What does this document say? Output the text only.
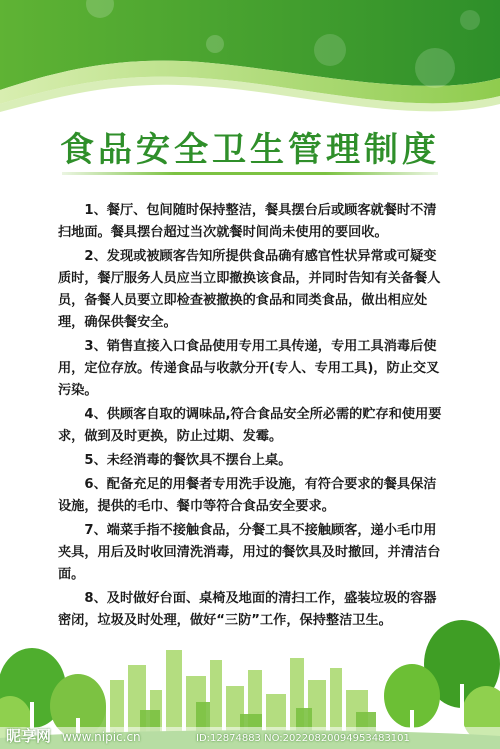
食品安全卫生管理制度

1、餐厅、包间随时保持整洁，餐具摆台后或顾客就餐时不清扫地面。餐具摆台超过当次就餐时间尚未使用的要回收。

2、发现或被顾客告知所提供食品确有感官性状异常或可疑变质时，餐厅服务人员应当立即撤换该食品，并同时告知有关备餐人员，备餐人员要立即检查被撤换的食品和同类食品，做出相应处理，确保供餐安全。

3、销售直接入口食品使用专用工具传递，专用工具消毒后使用，定位存放。传递食品与收款分开(专人、专用工具)，防止交叉污染。

4、供顾客自取的调味品,符合食品安全所必需的贮存和使用要求，做到及时更换，防止过期、发霉。

5、未经消毒的餐饮具不摆台上桌。

6、配备充足的用餐者专用洗手设施，有符合要求的餐具保洁设施，提供的毛巾、餐巾等符合食品安全要求。

7、端菜手指不接触食品，分餐工具不接触顾客，递小毛巾用夹具，用后及时收回清洗消毒，用过的餐饮具及时撤回，并清洁台面。

8、及时做好台面、桌椅及地面的清扫工作，盛装垃圾的容器密闭，垃圾及时处理，做好“三防”工作，保持整洁卫生。

昵享网 www.nipic.cn	ID:12874883 NO:20220820094953483101
